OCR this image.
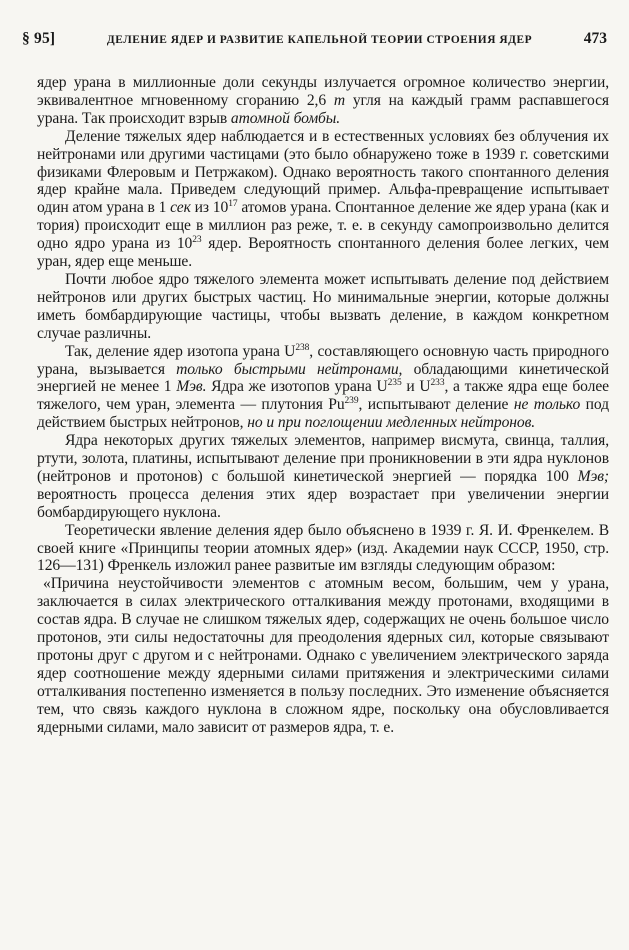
§ 95]	ДЕЛЕНИЕ ЯДЕР И РАЗВИТИЕ КАПЕЛЬНОЙ ТЕОРИИ СТРОЕНИЯ ЯДЕР	473

ядер урана в миллионные доли секунды излучается огромное количество энергии, эквивалентное мгновенному сгоранию 2,6 т угля на каждый грамм распавшегося урана. Так происходит взрыв атомной бомбы.

Деление тяжелых ядер наблюдается и в естественных условиях без облучения их нейтронами или другими частицами (это было обнаружено тоже в 1939 г. советскими физиками Флеровым и Петржаком). Однако вероятность такого спонтанного деления ядер крайне мала. Приведем следующий пример. Альфа-превращение испытывает один атом урана в 1 сек из $10^{17}$ атомов урана. Спонтанное деление же ядер урана (как и тория) происходит еще в миллион раз реже, т. е. в секунду самопроизвольно делится одно ядро урана из $10^{23}$ ядер. Вероятность спонтанного деления более легких, чем уран, ядер еще меньше.

Почти любое ядро тяжелого элемента может испытывать деление под действием нейтронов или других быстрых частиц. Но минимальные энергии, которые должны иметь бомбардирующие частицы, чтобы вызвать деление, в каждом конкретном случае различны.

Так, деление ядер изотопа урана $U^{238}$, составляющего основную часть природного урана, вызывается только быстрыми нейтронами, обладающими кинетической энергией не менее 1 Мэв. Ядра же изотопов урана $U^{235}$ и $U^{233}$, а также ядра еще более тяжелого, чем уран, элемента — плутония Pu$^{239}$, испытывают деление не только под действием быстрых нейтронов, но и при поглощении медленных нейтронов.

Ядра некоторых других тяжелых элементов, например висмута, свинца, таллия, ртути, золота, платины, испытывают деление при проникновении в эти ядра нуклонов (нейтронов и протонов) с большой кинетической энергией — порядка 100 Мэв; вероятность процесса деления этих ядер возрастает при увеличении энергии бомбардирующего нуклона.

Теоретически явление деления ядер было объяснено в 1939 г. Я. И. Френкелем. В своей книге «Принципы теории атомных ядер» (изд. Академии наук СССР, 1950, стр. 126—131) Френкель изложил ранее развитые им взгляды следующим образом:

«Причина неустойчивости элементов с атомным весом, большим, чем у урана, заключается в силах электрического отталкивания между протонами, входящими в состав ядра. В случае не слишком тяжелых ядер, содержащих не очень большое число протонов, эти силы недостаточны для преодоления ядерных сил, которые связывают протоны друг с другом и с нейтронами. Однако с увеличением электрического заряда ядер соотношение между ядерными силами притяжения и электрическими силами отталкивания постепенно изменяется в пользу последних. Это изменение объясняется тем, что связь каждого нуклона в сложном ядре, поскольку она обусловливается ядерными силами, мало зависит от размеров ядра, т. е.
